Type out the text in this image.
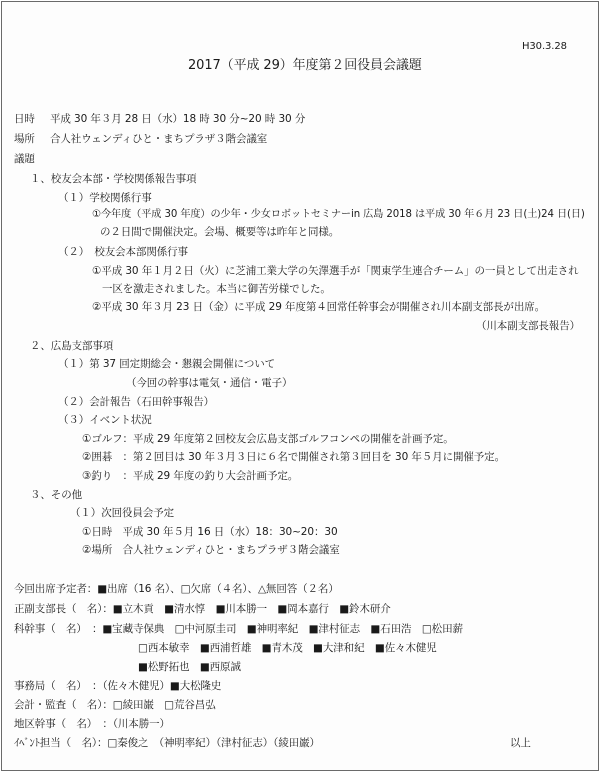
H30.3.28
2017（平成 29）年度第２回役員会議題
日時 平成 30 年３月 28 日（水）18 時 30 分~20 時 30 分
場所 合人社ウェンディひと・まちプラザ３階会議室
議題
１、校友会本部・学校関係報告事項
（１）学校関係行事
①今年度（平成 30 年度）の少年・少女ロボットセミナーin 広島 2018 は平成 30 年６月 23 日(土)24 日(日)
の２日間で開催決定。会場、概要等は昨年と同様。
（２）　校友会本部関係行事
①平成 30 年１月２日（火）に芝浦工業大学の矢澤選手が「関東学生連合チーム」の一員として出走され
一区を激走されました。本当に御苦労様でした。
②平成 30 年３月 23 日（金）に平成 29 年度第４回常任幹事会が開催され川本副支部長が出席。
（川本副支部長報告）
２、広島支部事項
（１）第 37 回定期総会・懇親会開催について
（今回の幹事は電気・通信・電子）
（２）会計報告（石田幹事報告）
（３）イベント状況
①ゴルフ：平成 29 年度第２回校友会広島支部ゴルフコンペの開催を計画予定。
②囲碁　：第２回目は 30 年３月３日に６名で開催され第３回目を 30 年５月に開催予定。
③釣り　：平成 29 年度の釣り大会計画予定。
３、その他
（１）次回役員会予定
①日時　平成 30 年５月 16 日（水）18：30~20：30
②場所　合人社ウェンディひと・まちプラザ３階会議室
今回出席予定者：■出席（16 名）、□欠席（４名）、△無回答（２名）
正副支部長（　名）：■立木貢　■清水惇　■川本勝一　■岡本嘉行　■鈴木研介
科幹事（　名）　：■宝藏寺保典　□中河原圭司　■神明率紀　■津村征志　■石田浩　□松田薪
□西本敏幸　■西浦哲雄　■青木茂　■大津和紀　■佐々木健児
■松野拓也　■西原誠
事務局（　名）　：（佐々木健児）■大松隆史
会計・監査（　名）：□綾田巌　□荒谷昌弘
地区幹事（　名）　：（川本勝一）
ｲﾍﾞﾝﾄ担当（　名）：□秦俊之　（神明率紀）（津村征志）（綾田巌）	以上
